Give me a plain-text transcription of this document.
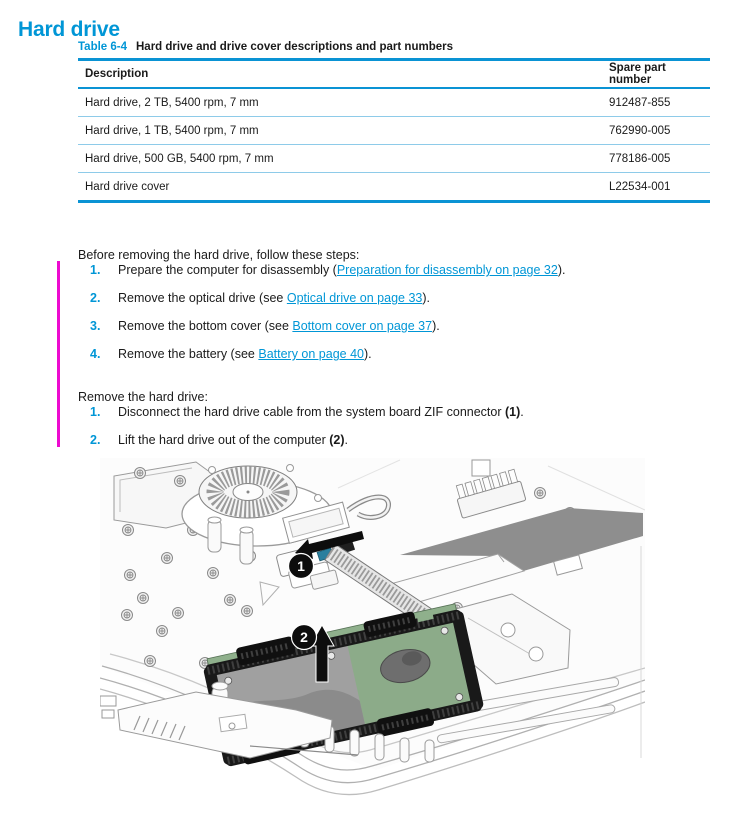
Hard drive
Table 6-4 Hard drive and drive cover descriptions and part numbers
Description	Spare part number
Hard drive, 2 TB, 5400 rpm, 7 mm	912487-855
Hard drive, 1 TB, 5400 rpm, 7 mm	762990-005
Hard drive, 500 GB, 5400 rpm, 7 mm	778186-005
Hard drive cover	L22534-001

Before removing the hard drive, follow these steps:

1.	Prepare the computer for disassembly (Preparation for disassembly on page 32).
2.	Remove the optical drive (see Optical drive on page 33).
3.	Remove the bottom cover (see Bottom cover on page 37).
4.	Remove the battery (see Battery on page 40).

Remove the hard drive:

1.	Disconnect the hard drive cable from the system board ZIF connector (1).
2.	Lift the hard drive out of the computer (2).
1
2
